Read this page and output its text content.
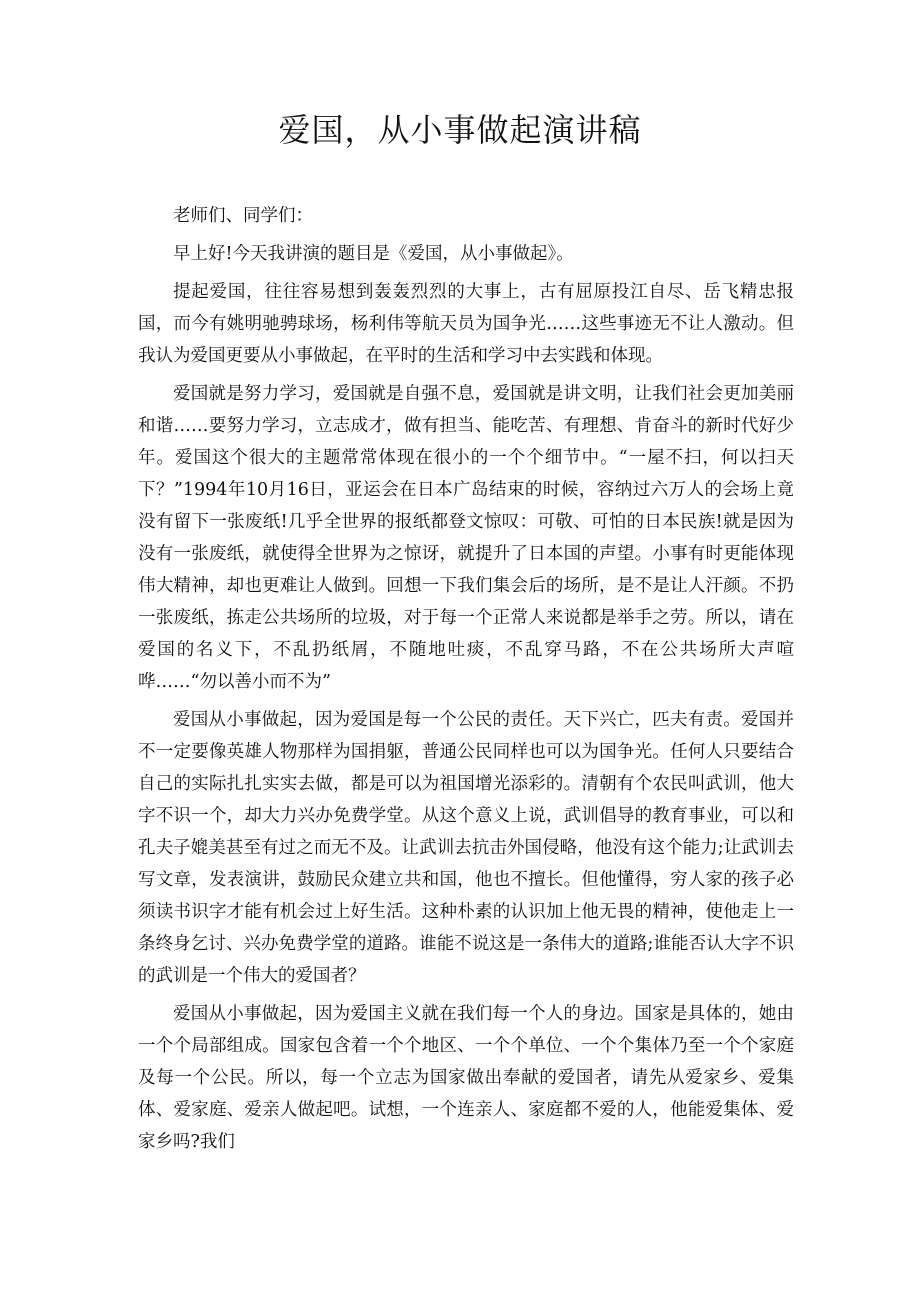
爱国，从小事做起演讲稿

老师们、同学们：

早上好!今天我讲演的题目是《爱国，从小事做起》。

提起爱国，往往容易想到轰轰烈烈的大事上，古有屈原投江自尽、岳飞精忠报国，而今有姚明驰骋球场，杨利伟等航天员为国争光……这些事迹无不让人激动。但我认为爱国更要从小事做起，在平时的生活和学习中去实践和体现。

爱国就是努力学习，爱国就是自强不息，爱国就是讲文明，让我们社会更加美丽和谐……要努力学习，立志成才，做有担当、能吃苦、有理想、肯奋斗的新时代好少年。爱国这个很大的主题常常体现在很小的一个个细节中。“一屋不扫，何以扫天下？”1994年10月16日，亚运会在日本广岛结束的时候，容纳过六万人的会场上竟没有留下一张废纸!几乎全世界的报纸都登文惊叹：可敬、可怕的日本民族!就是因为没有一张废纸，就使得全世界为之惊讶，就提升了日本国的声望。小事有时更能体现伟大精神，却也更难让人做到。回想一下我们集会后的场所，是不是让人汗颜。不扔一张废纸，拣走公共场所的垃圾，对于每一个正常人来说都是举手之劳。所以，请在爱国的名义下，不乱扔纸屑，不随地吐痰，不乱穿马路，不在公共场所大声喧哗……“勿以善小而不为”

爱国从小事做起，因为爱国是每一个公民的责任。天下兴亡，匹夫有责。爱国并不一定要像英雄人物那样为国捐躯，普通公民同样也可以为国争光。任何人只要结合自己的实际扎扎实实去做，都是可以为祖国增光添彩的。清朝有个农民叫武训，他大字不识一个，却大力兴办免费学堂。从这个意义上说，武训倡导的教育事业，可以和孔夫子媲美甚至有过之而无不及。让武训去抗击外国侵略，他没有这个能力;让武训去写文章，发表演讲，鼓励民众建立共和国，他也不擅长。但他懂得，穷人家的孩子必须读书识字才能有机会过上好生活。这种朴素的认识加上他无畏的精神，使他走上一条终身乞讨、兴办免费学堂的道路。谁能不说这是一条伟大的道路;谁能否认大字不识的武训是一个伟大的爱国者？

爱国从小事做起，因为爱国主义就在我们每一个人的身边。国家是具体的，她由一个个局部组成。国家包含着一个个地区、一个个单位、一个个集体乃至一个个家庭及每一个公民。所以，每一个立志为国家做出奉献的爱国者，请先从爱家乡、爱集体、爱家庭、爱亲人做起吧。试想，一个连亲人、家庭都不爱的人，他能爱集体、爱家乡吗?我们
